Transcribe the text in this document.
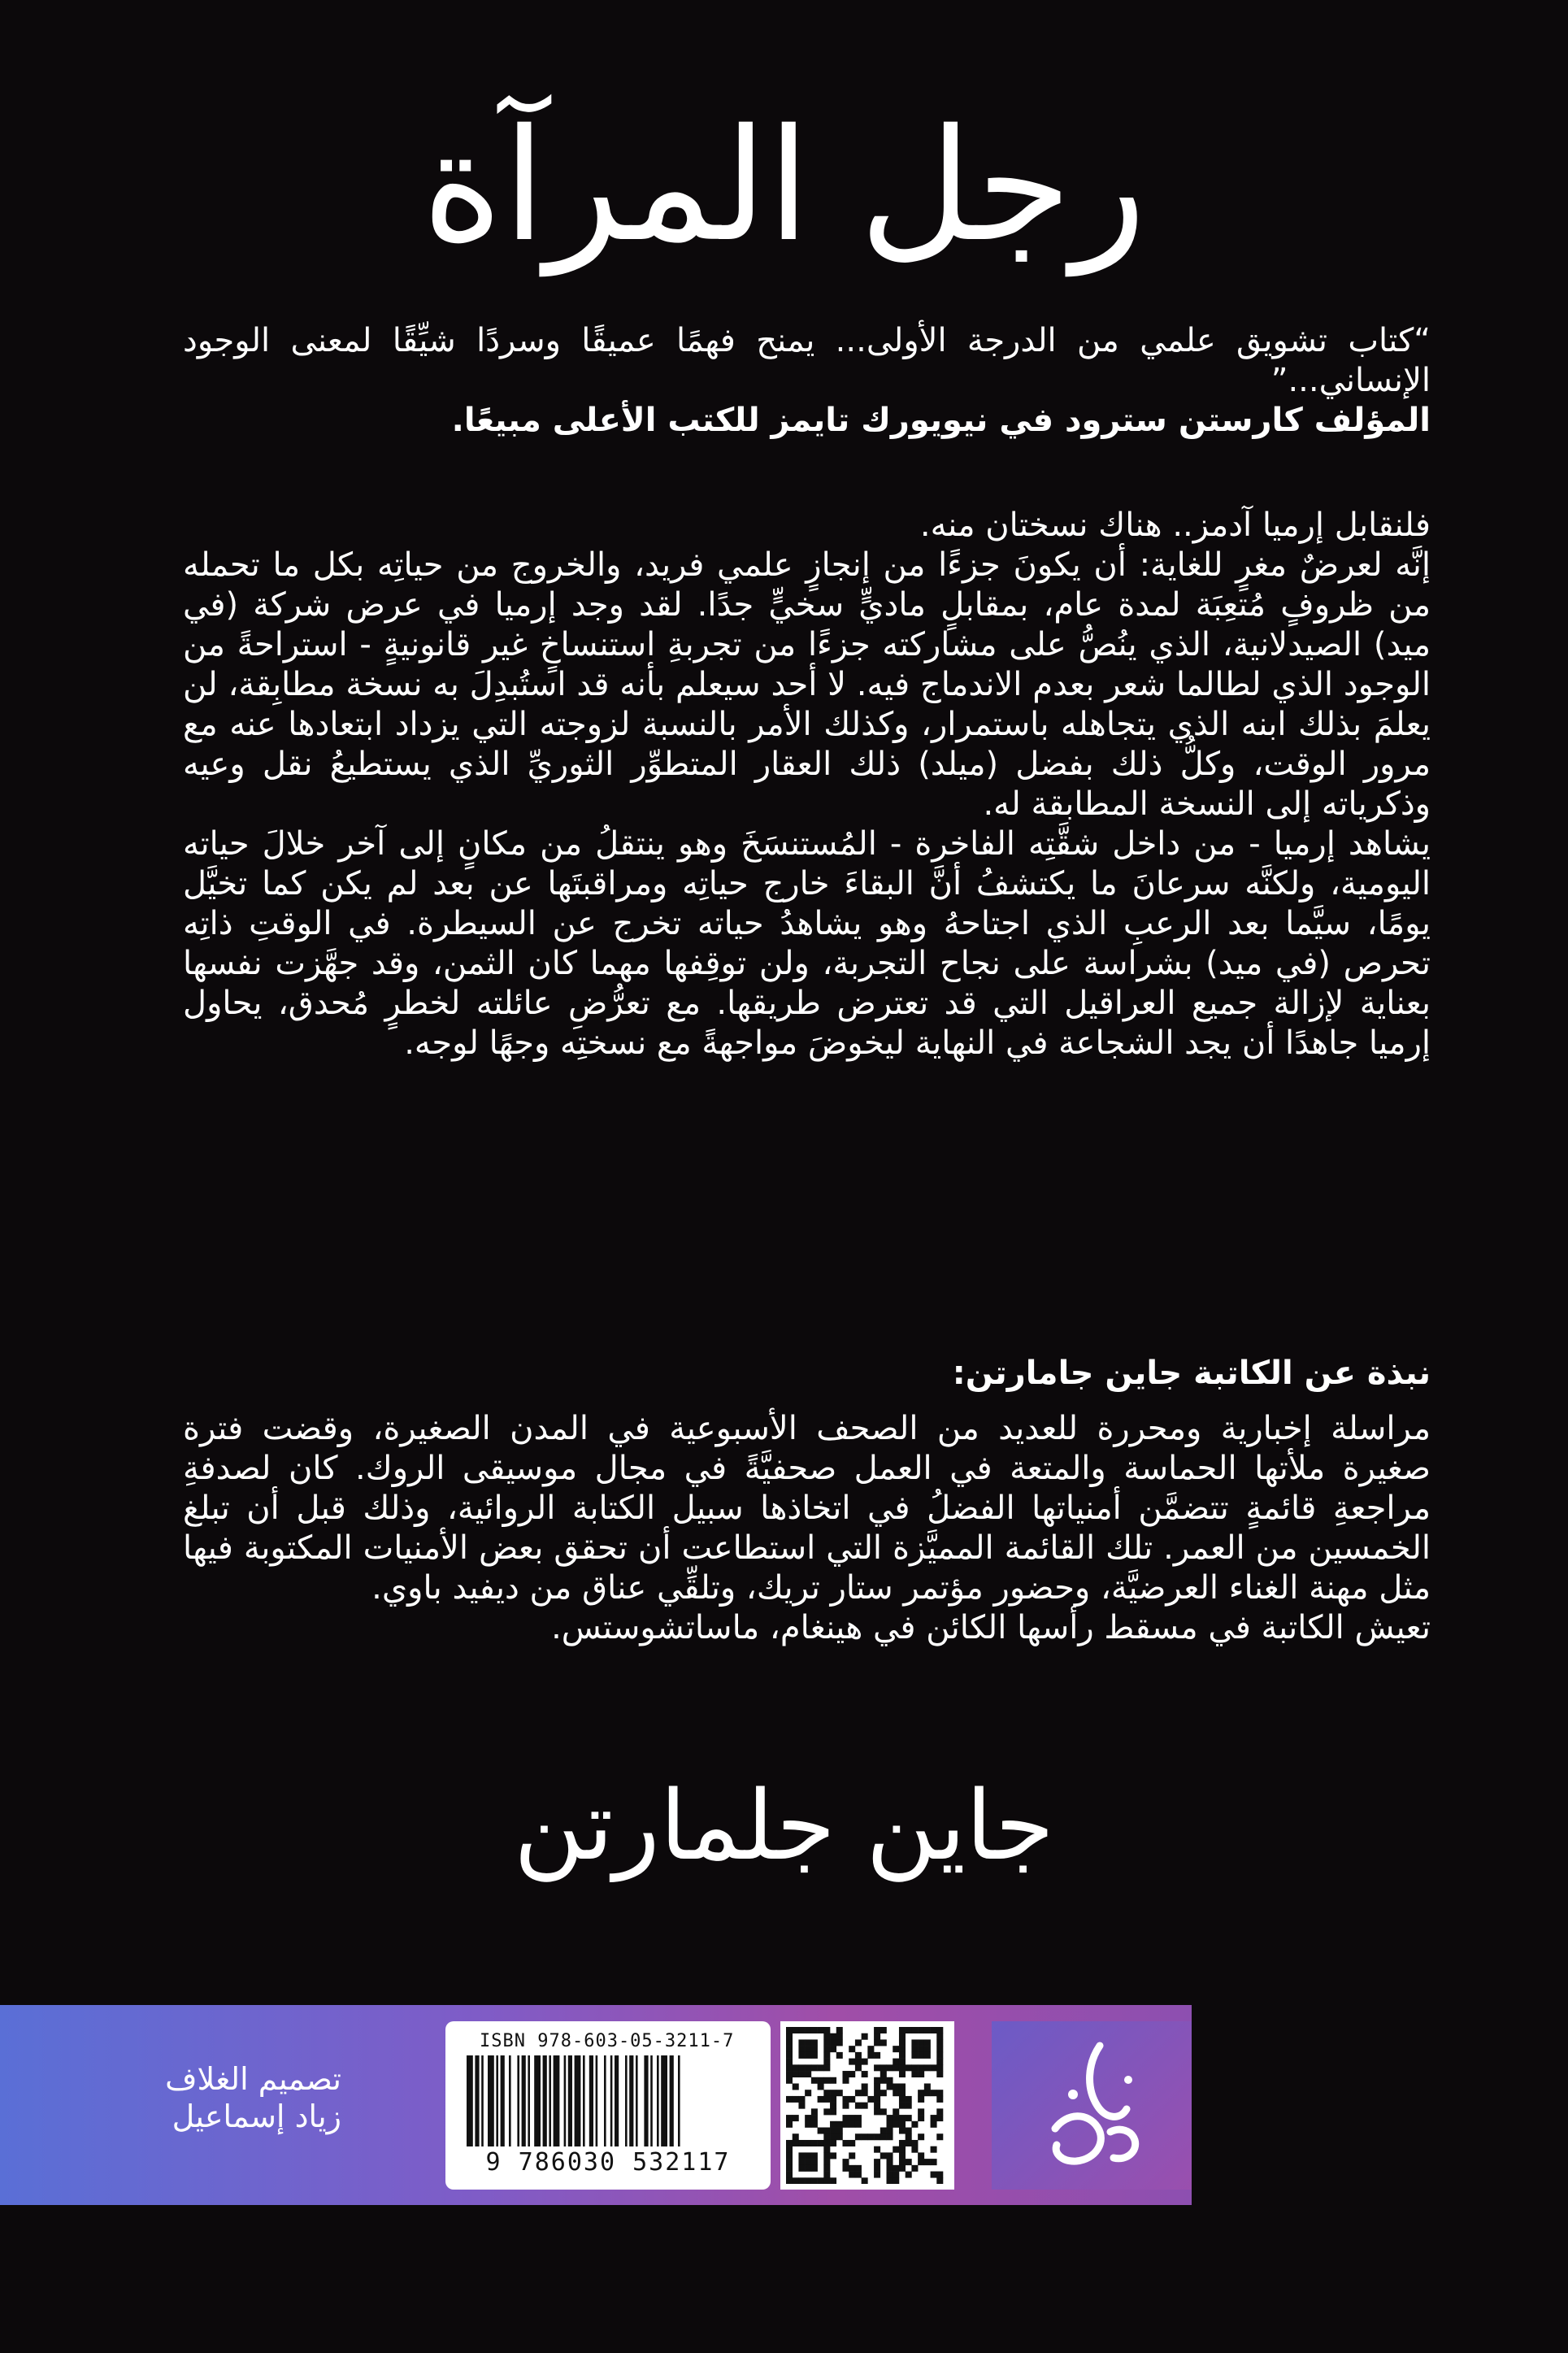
رجل المرآة

“كتاب تشويق علمي من الدرجة الأولى... يمنح فهمًا عميقًا وسردًا شيِّقًا لمعنى الوجود الإنساني...”

المؤلف كارستن سترود في نيويورك تايمز للكتب الأعلى مبيعًا.

فلنقابل إرميا آدمز.. هناك نسختان منه.

إنَّه لعرضٌ مغرٍ للغاية: أن يكونَ جزءًا من إنجازٍ علمي فريد، والخروج من حياتِه بكل ما تحمله من ظروفٍ مُتعِبَة لمدة عام، بمقابلٍ ماديٍّ سخيٍّ جدًا. لقد وجد إرميا في عرض شركة (في ميد) الصيدلانية، الذي ينُصُّ على مشاركته جزءًا من تجربةِ استنساخٍ غير قانونيةٍ - استراحةً من الوجود الذي لطالما شعر بعدم الاندماج فيه. لا أحد سيعلم بأنه قد استُبدِلَ به نسخة مطابِقة، لن يعلمَ بذلك ابنه الذي يتجاهله باستمرار، وكذلك الأمر بالنسبة لزوجته التي يزداد ابتعادها عنه مع مرور الوقت، وكلُّ ذلك بفضل (ميلد) ذلك العقار المتطوِّر الثوريِّ الذي يستطيعُ نقل وعيه وذكرياته إلى النسخة المطابقة له.

يشاهد إرميا - من داخل شقَّتِه الفاخرة - المُستنسَخَ وهو ينتقلُ من مكانٍ إلى آخر خلالَ حياته اليومية، ولكنَّه سرعانَ ما يكتشفُ أنَّ البقاءَ خارج حياتِه ومراقبتَها عن بعد لم يكن كما تخيَّل يومًا، سيَّما بعد الرعبِ الذي اجتاحهُ وهو يشاهدُ حياته تخرج عن السيطرة. في الوقتِ ذاتِه تحرص (في ميد) بشراسة على نجاح التجربة، ولن توقِفها مهما كان الثمن، وقد جهَّزت نفسها بعناية لإزالة جميع العراقيل التي قد تعترض طريقها. مع تعرُّضِ عائلته لخطرٍ مُحدق، يحاول إرميا جاهدًا أن يجد الشجاعة في النهاية ليخوضَ مواجهةً مع نسختِه وجهًا لوجه.

نبذة عن الكاتبة جاين جامارتن:

مراسلة إخبارية ومحررة للعديد من الصحف الأسبوعية في المدن الصغيرة، وقضت فترة صغيرة ملأتها الحماسة والمتعة في العمل صحفيَّةً في مجال موسيقى الروك. كان لصدفةِ مراجعةِ قائمةٍ تتضمَّن أمنياتها الفضلُ في اتخاذها سبيل الكتابة الروائية، وذلك قبل أن تبلغ الخمسين من العمر. تلك القائمة المميَّزة التي استطاعت أن تحقق بعض الأمنيات المكتوبة فيها مثل مهنة الغناء العرضيَّة، وحضور مؤتمر ستار تريك، وتلقِّي عناق من ديفيد باوي.

تعيش الكاتبة في مسقط رأسها الكائن في هينغام، ماساتشوستس.

جاين جلمارتن
تصميم الغلاف
زياد إسماعيل
ISBN 978-603-05-3211-7
9 786030 532117
